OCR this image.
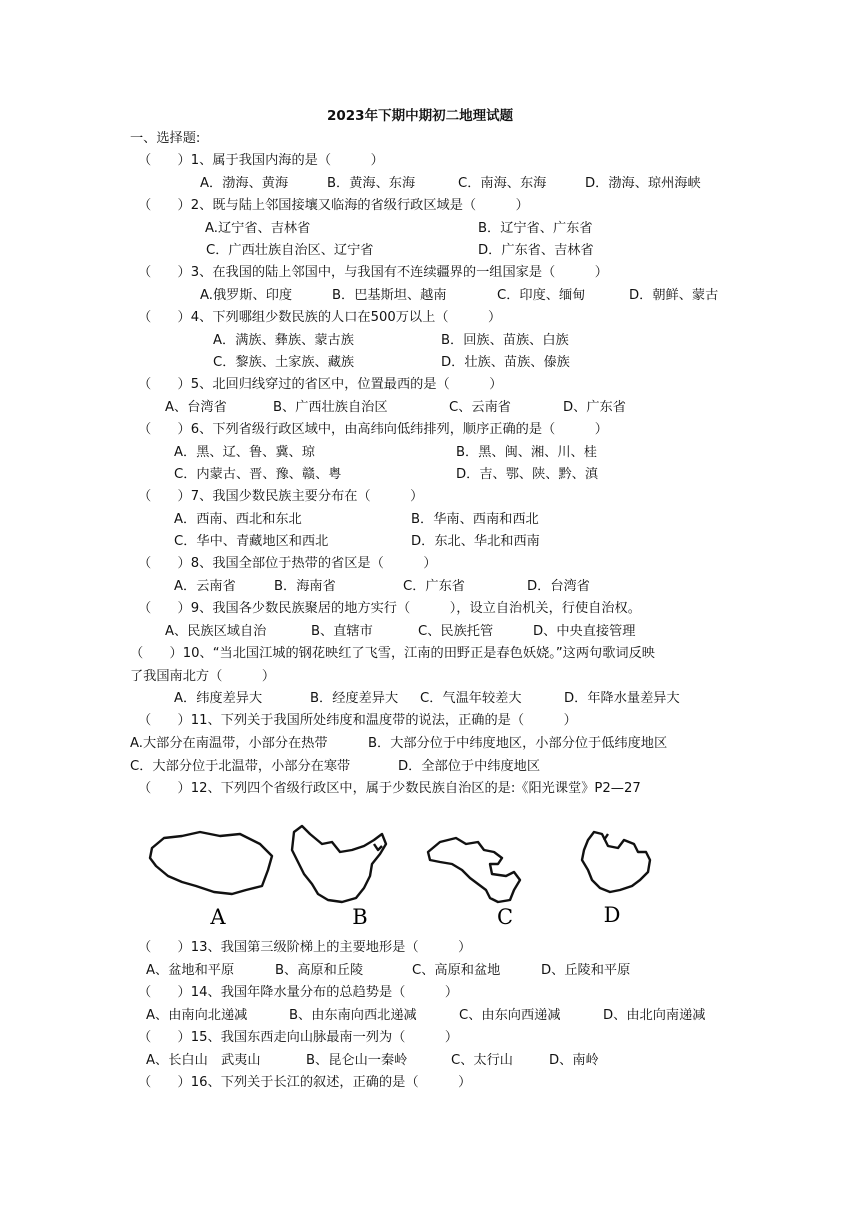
2023年下期中期初二地理试题
一、选择题:
（　　）1、属于我国内海的是（　　　）
A．渤海、黄海	B．黄海、东海	C．南海、东海	D．渤海、琼州海峡
（　　）2、既与陆上邻国接壤又临海的省级行政区域是（　　　）
A.辽宁省、吉林省	B．辽宁省、广东省
C．广西壮族自治区、辽宁省	D．广东省、吉林省
（　　）3、在我国的陆上邻国中，与我国有不连续疆界的一组国家是（　　　）
A.俄罗斯、印度	B．巴基斯坦、越南	C．印度、缅甸	D．朝鲜、蒙古
（　　）4、下列哪组少数民族的人口在500万以上（　　　）
A．满族、彝族、蒙古族	B．回族、苗族、白族
C．黎族、土家族、藏族	D．壮族、苗族、傣族
（　　）5、北回归线穿过的省区中，位置最西的是（　　　）
A、台湾省	B、广西壮族自治区	C、云南省	D、广东省
（　　）6、下列省级行政区域中，由高纬向低纬排列，顺序正确的是（　　　）
A．黑、辽、鲁、冀、琼	B．黑、闽、湘、川、桂
C．内蒙古、晋、豫、赣、粤	D．吉、鄂、陕、黔、滇
（　　）7、我国少数民族主要分布在（　　　）
A．西南、西北和东北	B．华南、西南和西北
C．华中、青藏地区和西北	D．东北、华北和西南
（　　）8、我国全部位于热带的省区是（　　　）
A．云南省	B．海南省	C．广东省	D．台湾省
（　　）9、我国各少数民族聚居的地方实行（　　　），设立自治机关，行使自治权。
A、民族区域自治	B、直辖市	C、民族托管	D、中央直接管理
（　　）10、“当北国江城的钢花映红了飞雪，江南的田野正是春色妖娆。”这两句歌词反映
了我国南北方（　　　）
A．纬度差异大	B．经度差异大 C．气温年较差大	D．年降水量差异大
（　　）11、下列关于我国所处纬度和温度带的说法，正确的是（　　　）
A.大部分在南温带，小部分在热带	B．大部分位于中纬度地区，小部分位于低纬度地区
C．大部分位于北温带，小部分在寒带	D．全部位于中纬度地区
（　　）12、下列四个省级行政区中，属于少数民族自治区的是:《阳光课堂》P2—27
A	B	C	D
（　　）13、我国第三级阶梯上的主要地形是（　　　）
A、盆地和平原	B、高原和丘陵	C、高原和盆地	D、丘陵和平原
（　　）14、我国年降水量分布的总趋势是（　　　）
A、由南向北递减	B、由东南向西北递减	C、由东向西递减	D、由北向南递减
（　　）15、我国东西走向山脉最南一列为（　　　）
A、长白山　武夷山	B、昆仑山一秦岭	C、太行山	D、南岭
（　　）16、下列关于长江的叙述，正确的是（　　　）
